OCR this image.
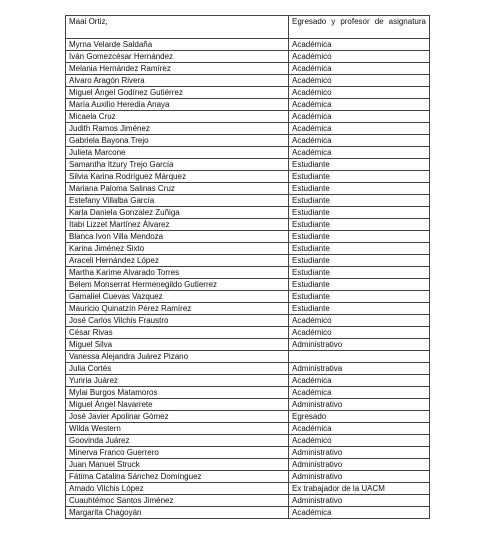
Maai Ortiz,	Egresado y profesor de asignatura
Myrna Velarde Saldaña	Académica
Iván Gomezcésar Hernández	Académico
Melania Hernández Ramírez	Académica
Alvaro Aragón Rivera	Académico
Miguel Ángel Godínez Gutiérrez	Académico
María Auxilio Heredia Anaya	Académica
Micaela Cruz	Académica
Judith Ramos Jiménez	Académica
Gabriela Bayona Trejo	Académica
Julieta Marcone	Académica
Samantha Itzury Trejo García	Estudiante
Silvia Karina Rodríguez Márquez	Estudiante
Mariana Paloma Salinas Cruz	Estudiante
Estefany Villalba García	Estudiante
Karla Daniela Gonzalez Zuñiga	Estudiante
Itabi Lizzet Martínez Álvarez	Estudiante
Blanca Ivon Villa Mendoza	Estudiante
Karina Jiménez Sixto	Estudiante
Araceli Hernández López	Estudiante
Martha Karime Alvarado Torres	Estudiante
Belem Monserrat Hermenegildo Gutierrez	Estudiante
Gamaliel Cuevas Vazquez	Estudiante
Mauricio Quinatzín Pérez Ramírez	Estudiante
José Carlos Vilchis Fraustro	Académico
César Rivas	Académico
Miguel Silva	Administrativo
Vanessa Alejandra Juárez Pizano	
Julia Cortés	Administrativa
Yuriria Juárez	Académica
Mylai Burgos Matamoros	Académica
Miguel Ángel Navarrete	Administrativo
José Javier Apolinar Gómez	Egresado
Wilda Western	Académica
Goovinda Juárez	Académico
Minerva Franco Guerrero	Administrativo
Juan Manuel Struck	Administrativo
Fátima Catalina Sánchez Domínguez	Administrativo
Amado Vilchis López	Ex trabajador de la UACM
Cuauhtémoc Santos Jiménez	Administrativo
Margarita Chagoyán	Académica
